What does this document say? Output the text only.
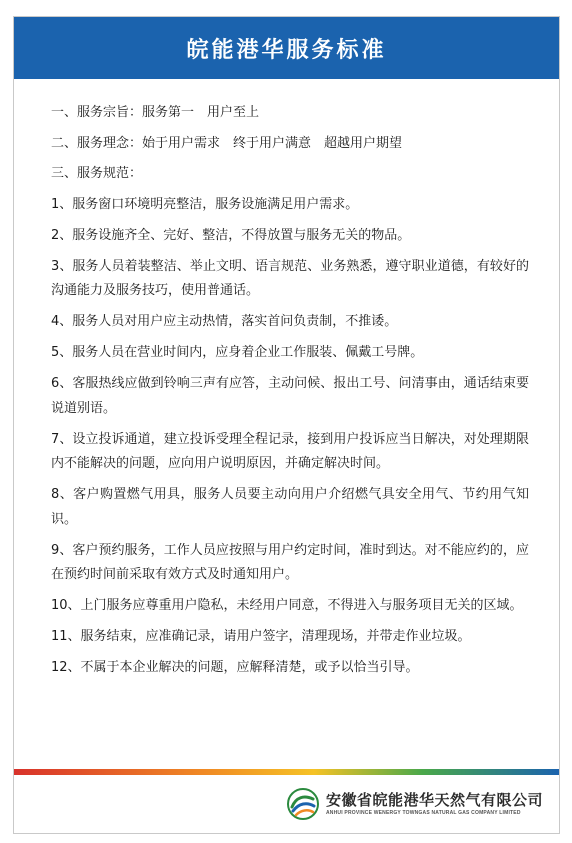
皖能港华服务标准

一、服务宗旨：服务第一　用户至上

二、服务理念：始于用户需求　终于用户满意　超越用户期望

三、服务规范：

1、服务窗口环境明亮整洁，服务设施满足用户需求。

2、服务设施齐全、完好、整洁，不得放置与服务无关的物品。

3、服务人员着装整洁、举止文明、语言规范、业务熟悉，遵守职业道德，有较好的沟通能力及服务技巧，使用普通话。

4、服务人员对用户应主动热情，落实首问负责制，不推诿。

5、服务人员在营业时间内，应身着企业工作服装、佩戴工号牌。

6、客服热线应做到铃响三声有应答，主动问候、报出工号、问清事由，通话结束要说道别语。

7、设立投诉通道，建立投诉受理全程记录，接到用户投诉应当日解决，对处理期限内不能解决的问题，应向用户说明原因，并确定解决时间。

8、客户购置燃气用具，服务人员要主动向用户介绍燃气具安全用气、节约用气知识。

9、客户预约服务，工作人员应按照与用户约定时间，准时到达。对不能应约的，应在预约时间前采取有效方式及时通知用户。

10、上门服务应尊重用户隐私，未经用户同意，不得进入与服务项目无关的区域。

11、服务结束，应准确记录，请用户签字，清理现场，并带走作业垃圾。

12、不属于本企业解决的问题，应解释清楚，或予以恰当引导。

安徽省皖能港华天然气有限公司
ANHUI PROVINCE WENERGY TOWNGAS NATURAL GAS COMPANY LIMITED
